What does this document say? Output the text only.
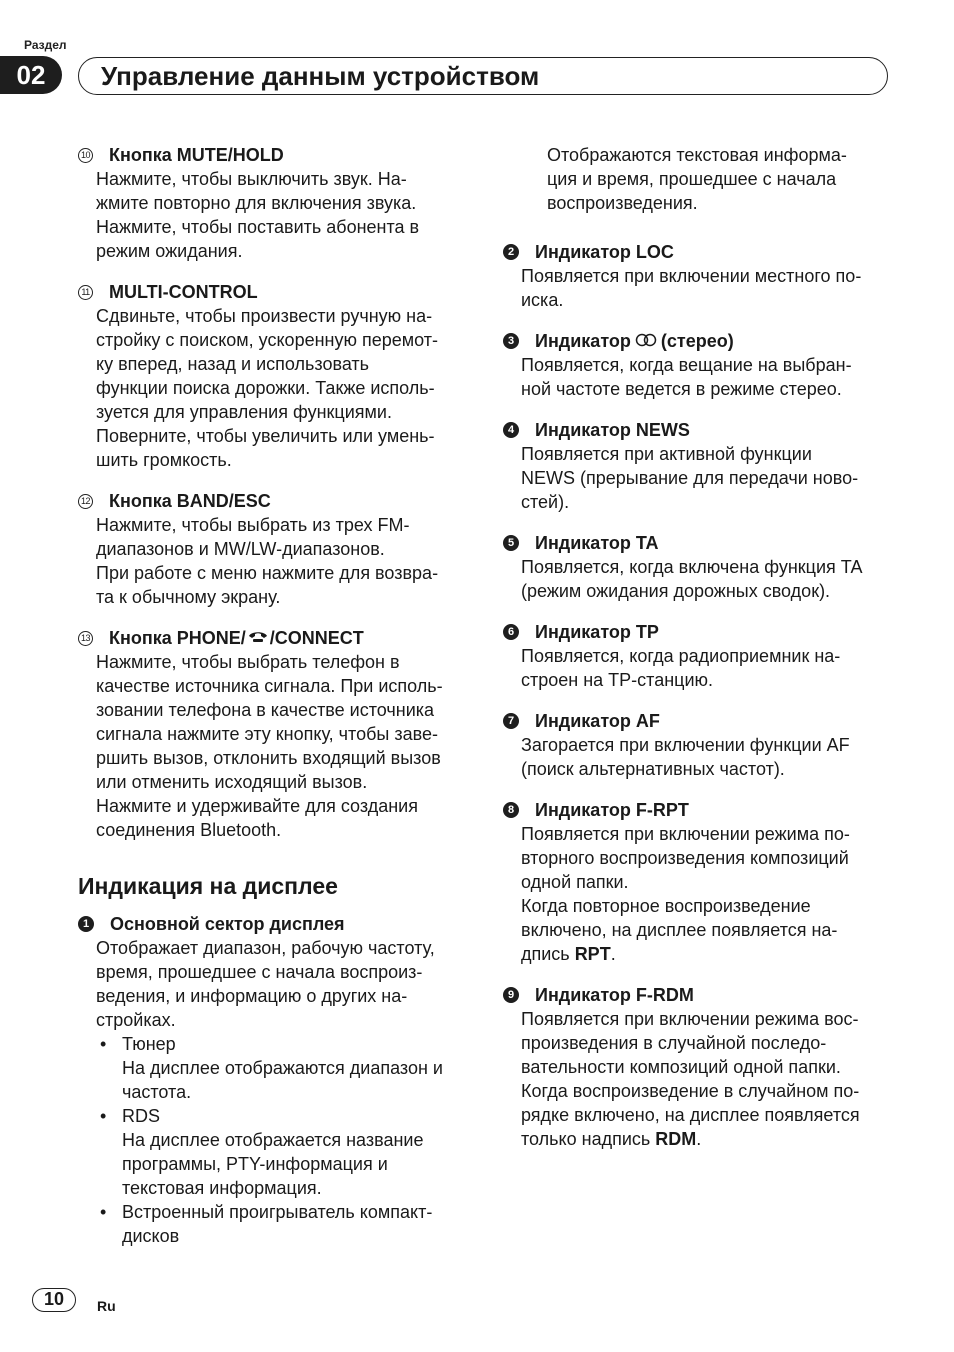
Раздел
02	Управление данным устройством
10 Кнопка MUTE/HOLD
Нажмите, чтобы выключить звук. На-
жмите повторно для включения звука.
Нажмите, чтобы поставить абонента в
режим ожидания.
11 MULTI-CONTROL
Сдвиньте, чтобы произвести ручную на-
стройку с поиском, ускоренную перемот-
ку вперед, назад и использовать
функции поиска дорожки. Также исполь-
зуется для управления функциями.
Поверните, чтобы увеличить или умень-
шить громкость.
12 Кнопка BAND/ESC
Нажмите, чтобы выбрать из трех FM-
диапазонов и MW/LW-диапазонов.
При работе с меню нажмите для возвра-
та к обычному экрану.
13 Кнопка PHONE/ /CONNECT
Нажмите, чтобы выбрать телефон в
качестве источника сигнала. При исполь-
зовании телефона в качестве источника
сигнала нажмите эту кнопку, чтобы заве-
ршить вызов, отклонить входящий вызов
или отменить исходящий вызов.
Нажмите и удерживайте для создания
соединения Bluetooth.
Индикация на дисплее
1 Основной сектор дисплея
Отображает диапазон, рабочую частоту,
время, прошедшее с начала воспроиз-
ведения, и информацию о других на-
стройках.
• Тюнер
На дисплее отображаются диапазон и
частота.
• RDS
На дисплее отображается название
программы, PTY-информация и
текстовая информация.
• Встроенный проигрыватель компакт-
дисков
Отображаются текстовая информа-
ция и время, прошедшее с начала
воспроизведения.
2 Индикатор LOC
Появляется при включении местного по-
иска.
3 Индикатор (стерео)
Появляется, когда вещание на выбран-
ной частоте ведется в режиме стерео.
4 Индикатор NEWS
Появляется при активной функции
NEWS (прерывание для передачи ново-
стей).
5 Индикатор TA
Появляется, когда включена функция TA
(режим ожидания дорожных сводок).
6 Индикатор TP
Появляется, когда радиоприемник на-
строен на TP-станцию.
7 Индикатор AF
Загорается при включении функции AF
(поиск альтернативных частот).
8 Индикатор F-RPT
Появляется при включении режима по-
вторного воспроизведения композиций
одной папки.
Когда повторное воспроизведение
включено, на дисплее появляется на-
дпись RPT.
9 Индикатор F-RDM
Появляется при включении режима вос-
произведения в случайной последо-
вательности композиций одной папки.
Когда воспроизведение в случайном по-
рядке включено, на дисплее появляется
только надпись RDM.
10	Ru
